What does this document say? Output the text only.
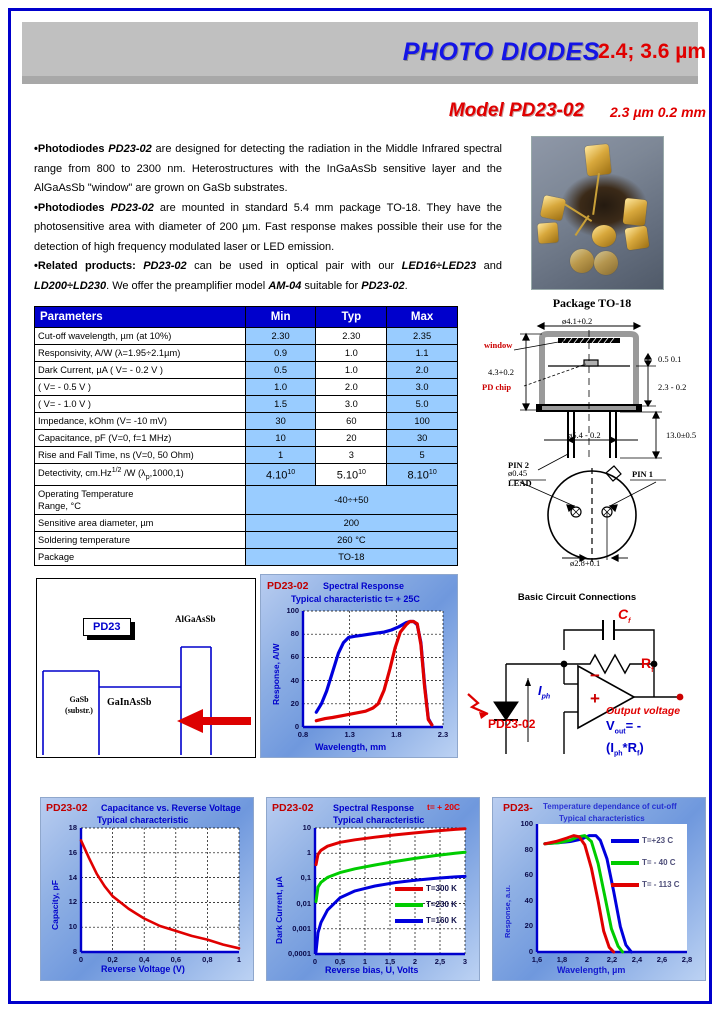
PHOTO DIODES
2.4; 3.6 µm
Model PD23-02 2.3 µm 0.2 mm

•Photodiodes PD23-02 are designed for detecting the radiation in the Middle Infrared spectral range from 800 to 2300 nm. Heterostructures with the InGaAsSb sensitive layer and the AlGaAsSb "window" are grown on GaSb substrates.

•Photodiodes PD23-02 are mounted in standard 5.4 mm package TO-18. They have the photosensitive area with diameter of 200 µm. Fast response makes possible their use for the detection of high frequency modulated laser or LED emission.

•Related products: PD23-02 can be used in optical pair with our LED16÷LED23 and LD200÷LD230. We offer the preamplifier model AM-04 suitable for PD23-02.

Parameters	Min	Typ	Max
Cut-off wavelength, µm (at 10%)	2.30	2.30	2.35
Responsivity, A/W (λ=1.95÷2.1µm)	0.9	1.0	1.1
Dark Current, µA ( V= - 0.2 V )	0.5	1.0	2.0
( V= - 0.5 V )	1.0	2.0	3.0
( V= - 1.0 V )	1.5	3.0	5.0
Impedance, kOhm (V= -10 mV)	30	60	100
Capacitance, pF (V=0, f=1 MHz)	10	20	30
Rise and Fall Time, ns (V=0, 50 Ohm)	1	3	5
Detectivity, $cm.Hz^{1/2}$ /W $(\lambda_p,1000,1)$	4.10$^{10}$	5.10$^{10}$	8.10$^{10}$
Operating Temperature
Range, °C	-40÷+50		
Sensitive area diameter, µm	200		
Soldering temperature	260 °C		
Package	TO-18		
Package TO-18
ø4.1+0.2
4.3+0.2
0.5 0.1
2.3 - 0.2
ø5.4 - 0.2	13.0±0.5
ø0.45
LEAD
PIN 1
ø2.8+0.1
PIN 2
window
PD chip
PD23
AlGaAsSb
GaSb
(substr.)
GaInAsSb
PD23-02 Spectral Response
Typical characteristic t= + 25C
Response, A/W
Wavelength, mm
0
20
40
60
80
100
0.8	1.3	1.8	2.3
Basic Circuit Connections
$C_f$
$R_f$
$I_{ph}$
PD23-02
Output voltage
$V_{out}=$ -
$(I_{ph}*R_f)$
−
+
PD23-02 Capacitance vs. Reverse Voltage
Typical characteristic
Capacity, pF
Reverse Voltage (V)
8
10
12
14
16
18
0	0,2	0,4	0,6	0,8	1
PD23-02 Spectral Response t= + 20C
Typical characteristic
Dark Current, µA
Reverse bias, U, Volts
0,0001
0,001
0,01
0,1
1
10
0	0,5	1	1,5	2	2,5	3
T=300 K
T=230 K
T=160 K
PD23- Temperature dependance of cut-off
Typical characteristics
Response, a.u.
Wavelength, µm
0
20
40
60
80
100
1,6	1,8	2	2,2	2,4	2,6	2,8
T=+23 C
T= - 40 C
T= - 113 C
